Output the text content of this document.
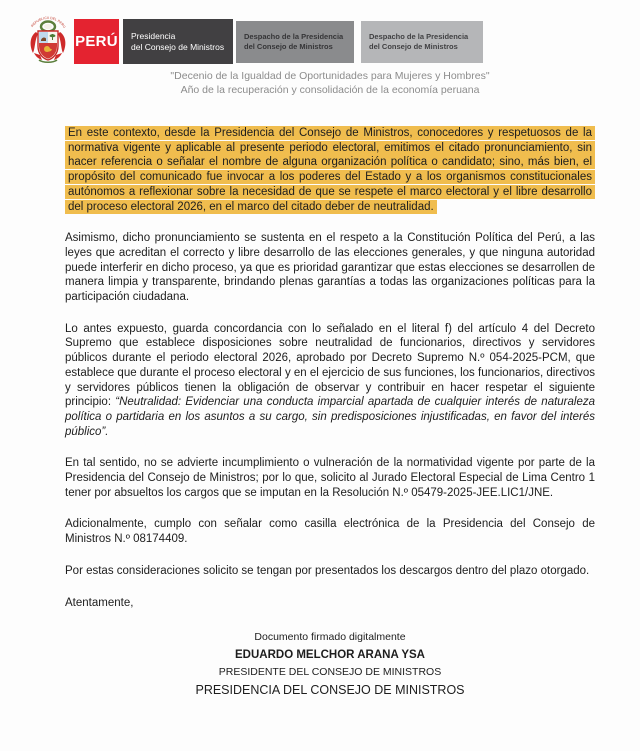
REPUBLICA DEL PERU
PERÚ Presidencia
del Consejo de Ministros
Despacho de la Presidencia
del Consejo de Ministros
Despacho de la Presidencia
del Consejo de Ministros
"Decenio de la Igualdad de Oportunidades para Mujeres y Hombres"
Año de la recuperación y consolidación de la economía peruana

En este contexto, desde la Presidencia del Consejo de Ministros, conocedores y respetuosos de la normativa vigente y aplicable al presente periodo electoral, emitimos el citado pronunciamiento, sin hacer referencia o señalar el nombre de alguna organización política o candidato; sino, más bien, el propósito del comunicado fue invocar a los poderes del Estado y a los organismos constitucionales autónomos a reflexionar sobre la necesidad de que se respete el marco electoral y el libre desarrollo del proceso electoral 2026, en el marco del citado deber de neutralidad.

Asimismo, dicho pronunciamiento se sustenta en el respeto a la Constitución Política del Perú, a las leyes que acreditan el correcto y libre desarrollo de las elecciones generales, y que ninguna autoridad puede interferir en dicho proceso, ya que es prioridad garantizar que estas elecciones se desarrollen de manera limpia y transparente, brindando plenas garantías a todas las organizaciones políticas para la participación ciudadana.

Lo antes expuesto, guarda concordancia con lo señalado en el literal f) del artículo 4 del Decreto Supremo que establece disposiciones sobre neutralidad de funcionarios, directivos y servidores públicos durante el periodo electoral 2026, aprobado por Decreto Supremo N.º 054-2025-PCM, que establece que durante el proceso electoral y en el ejercicio de sus funciones, los funcionarios, directivos y servidores públicos tienen la obligación de observar y contribuir en hacer respetar el siguiente principio: “Neutralidad: Evidenciar una conducta imparcial apartada de cualquier interés de naturaleza política o partidaria en los asuntos a su cargo, sin predisposiciones injustificadas, en favor del interés público”.

En tal sentido, no se advierte incumplimiento o vulneración de la normatividad vigente por parte de la Presidencia del Consejo de Ministros; por lo que, solicito al Jurado Electoral Especial de Lima Centro 1 tener por absueltos los cargos que se imputan en la Resolución N.º 05479-2025-JEE.LIC1/JNE.

Adicionalmente, cumplo con señalar como casilla electrónica de la Presidencia del Consejo de Ministros N.º 08174409.

Por estas consideraciones solicito se tengan por presentados los descargos dentro del plazo otorgado.

Atentamente,

Documento firmado digitalmente
EDUARDO MELCHOR ARANA YSA
PRESIDENTE DEL CONSEJO DE MINISTROS
PRESIDENCIA DEL CONSEJO DE MINISTROS
